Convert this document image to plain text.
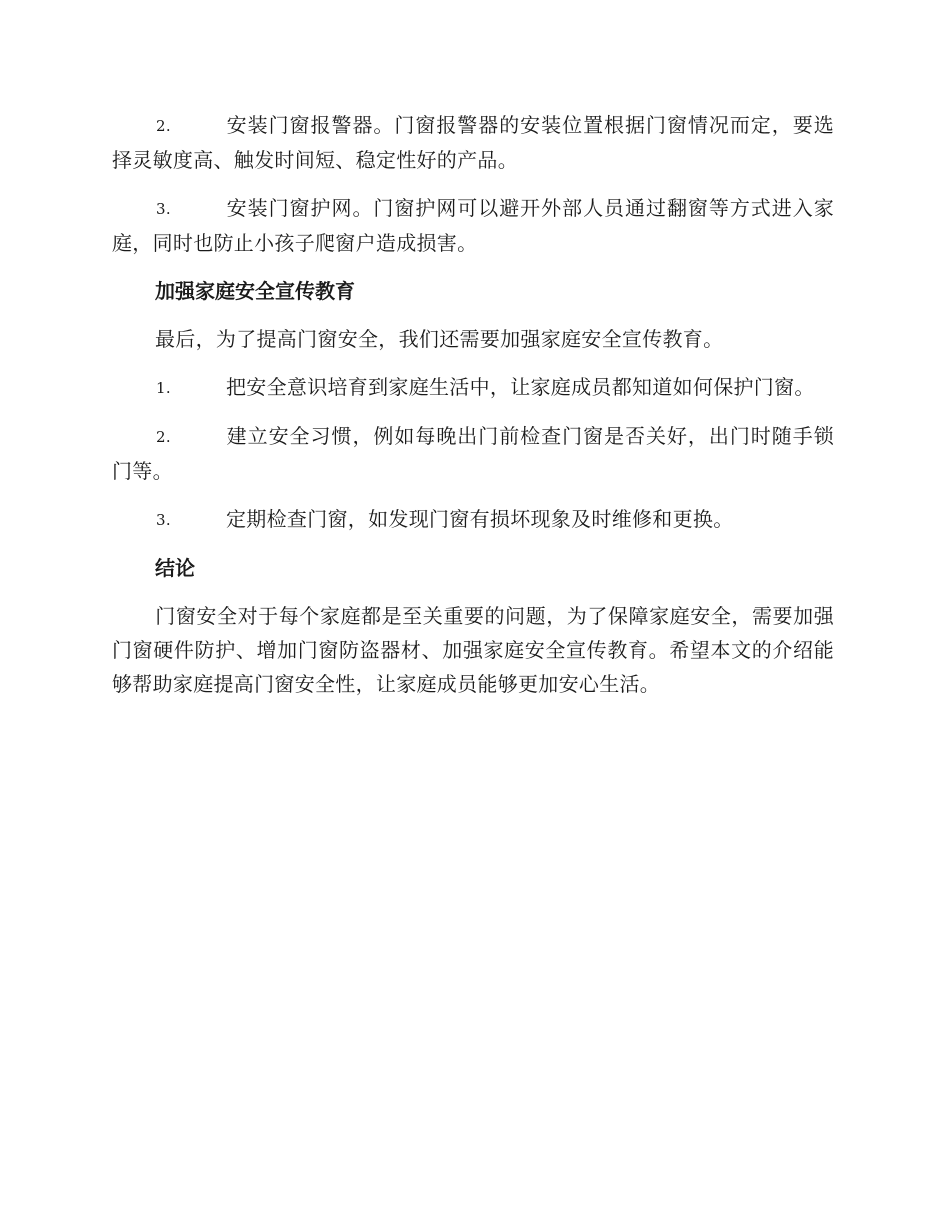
2.	安装门窗报警器。门窗报警器的安装位置根据门窗情况而定，要选择灵敏度高、触发时间短、稳定性好的产品。

3.	安装门窗护网。门窗护网可以避开外部人员通过翻窗等方式进入家庭，同时也防止小孩子爬窗户造成损害。

加强家庭安全宣传教育

最后，为了提高门窗安全，我们还需要加强家庭安全宣传教育。

1.	把安全意识培育到家庭生活中，让家庭成员都知道如何保护门窗。

2.	建立安全习惯，例如每晚出门前检查门窗是否关好，出门时随手锁门等。

3.	定期检查门窗，如发现门窗有损坏现象及时维修和更换。

结论

门窗安全对于每个家庭都是至关重要的问题，为了保障家庭安全，需要加强门窗硬件防护、增加门窗防盗器材、加强家庭安全宣传教育。希望本文的介绍能够帮助家庭提高门窗安全性，让家庭成员能够更加安心生活。
